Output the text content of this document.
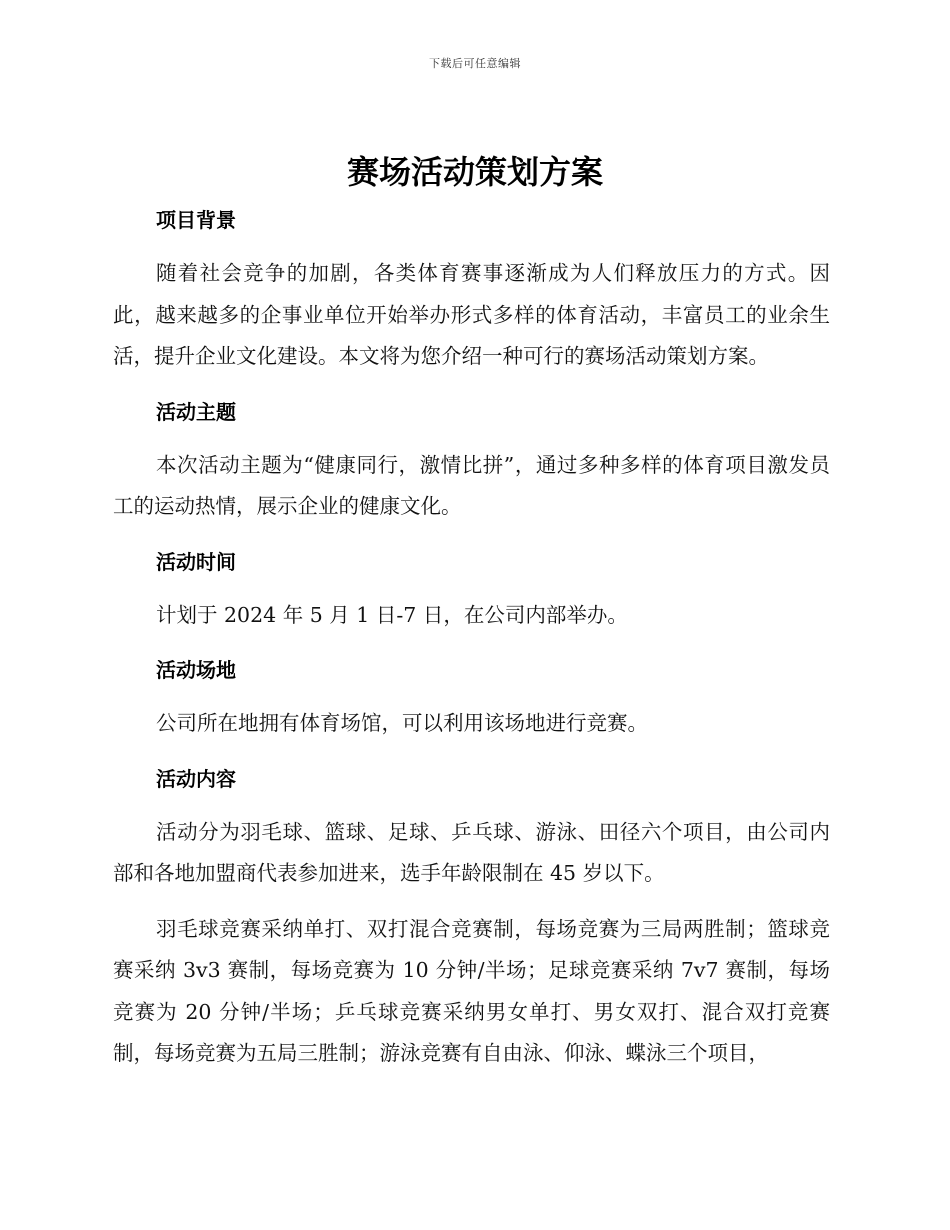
下载后可任意编辑
赛场活动策划方案
项目背景

随着社会竞争的加剧，各类体育赛事逐渐成为人们释放压力的方式。因此，越来越多的企事业单位开始举办形式多样的体育活动，丰富员工的业余生活，提升企业文化建设。本文将为您介绍一种可行的赛场活动策划方案。

活动主题

本次活动主题为“健康同行，激情比拼”，通过多种多样的体育项目激发员工的运动热情，展示企业的健康文化。

活动时间

计划于 2024 年 5 月 1 日-7 日，在公司内部举办。

活动场地

公司所在地拥有体育场馆，可以利用该场地进行竞赛。

活动内容

活动分为羽毛球、篮球、足球、乒乓球、游泳、田径六个项目，由公司内部和各地加盟商代表参加进来，选手年龄限制在 45 岁以下。

羽毛球竞赛采纳单打、双打混合竞赛制，每场竞赛为三局两胜制；篮球竞赛采纳 3v3 赛制，每场竞赛为 10 分钟/半场；足球竞赛采纳 7v7 赛制，每场竞赛为 20 分钟/半场；乒乓球竞赛采纳男女单打、男女双打、混合双打竞赛制，每场竞赛为五局三胜制；游泳竞赛有自由泳、仰泳、蝶泳三个项目，
